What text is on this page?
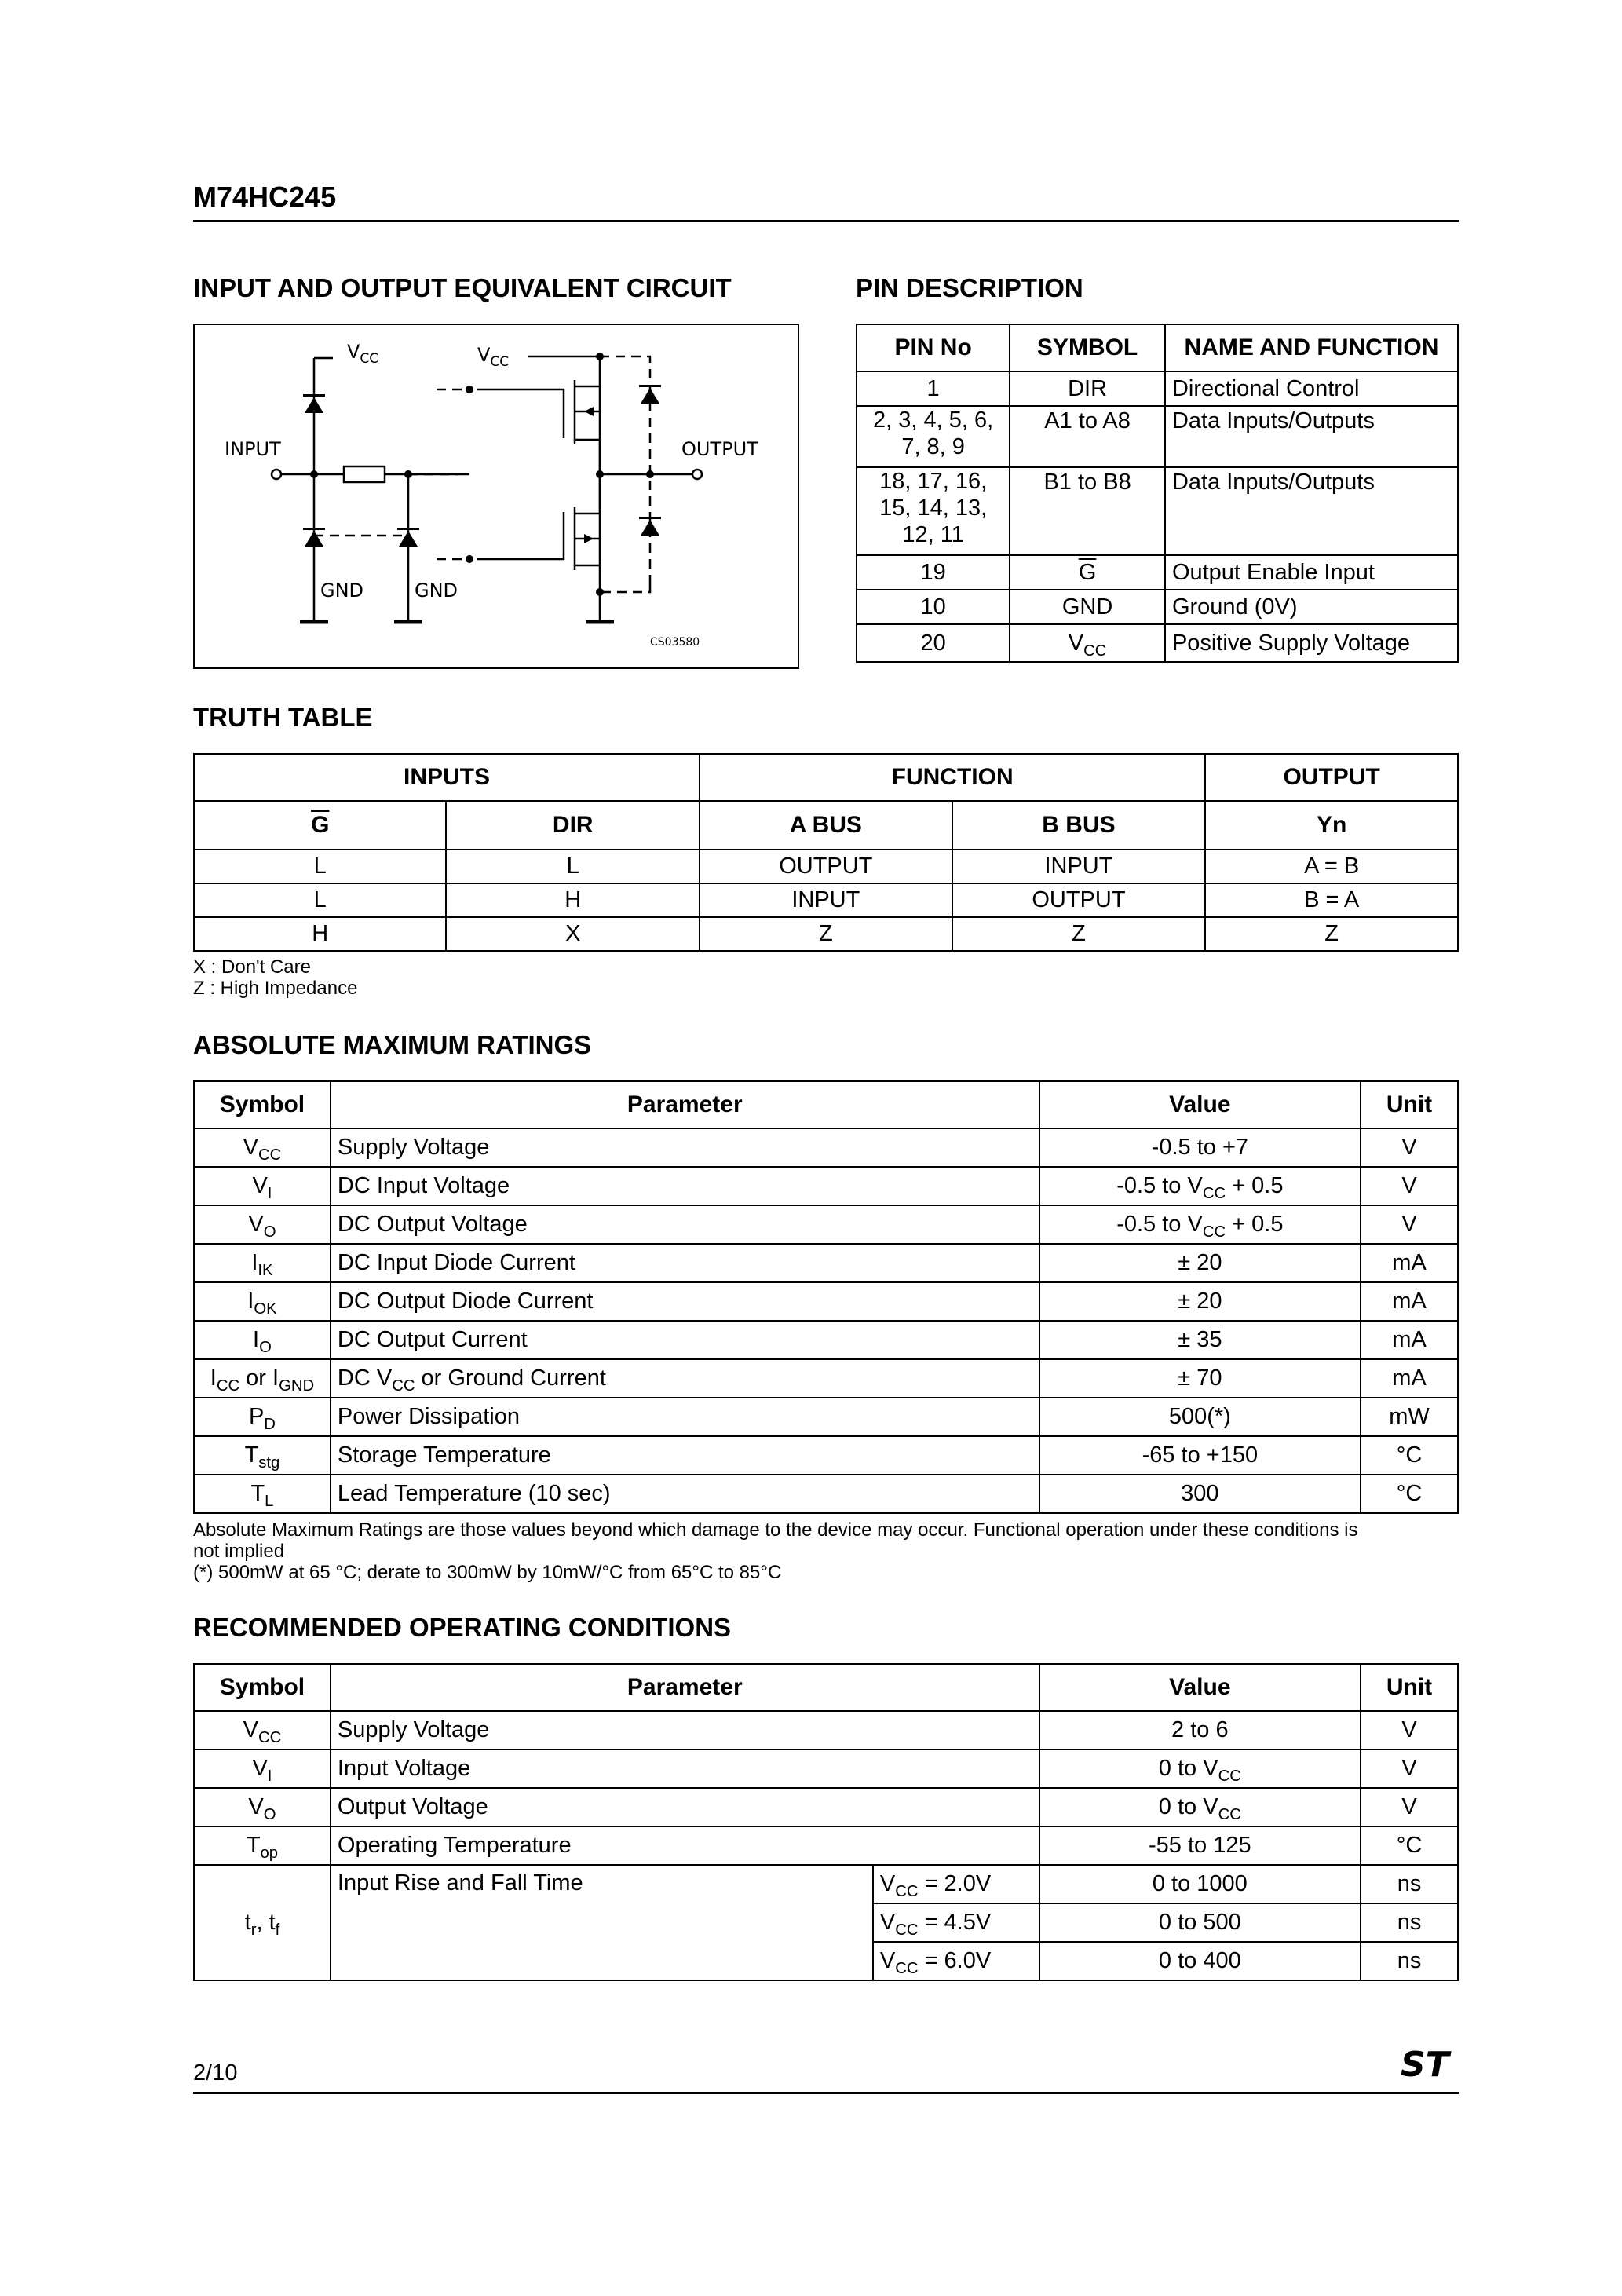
M74HC245
INPUT AND OUTPUT EQUIVALENT CIRCUIT	PIN DESCRIPTION
$V_{CC}$	$V_{CC}$
INPUT	OUTPUT
GND	GND
CS03580
PIN No	SYMBOL	NAME AND FUNCTION
1	DIR	Directional Control

2, 3, 4, 5, 6,
7, 8, 9	A1 to A8	Data Inputs/Outputs

18, 17, 16,
15, 14, 13,
12, 11	B1 to B8	Data Inputs/Outputs
19	$\overline{G}$	Output Enable Input
10	GND	Ground (0V)
20	$V_{CC}$	Positive Supply Voltage
TRUTH TABLE
INPUTS		FUNCTION		OUTPUT
$\overline{G}$	DIR	A BUS	B BUS	Yn
L	L	OUTPUT	INPUT	A = B
L	H	INPUT	OUTPUT	B = A
H	X	Z	Z	Z
X : Don't Care
Z : High Impedance
ABSOLUTE MAXIMUM RATINGS
Symbol	Parameter	Value	Unit
$V_{CC}$	Supply Voltage	-0.5 to +7	V
$V_I$	DC Input Voltage	-0.5 to $V_{CC} + 0.5$	V
$V_O$	DC Output Voltage	-0.5 to $V_{CC} + 0.5$	V
$I_{IK}$	DC Input Diode Current	± 20	mA
$I_{OK}$	DC Output Diode Current	± 20	mA
$I_O$	DC Output Current	± 35	mA
$I_{CC}$ or $I_{GND}$	DC $V_{CC}$ or Ground Current	± 70	mA
$P_D$	Power Dissipation	500(*)	mW
$T_{stg}$	Storage Temperature	-65 to +150	°C
$T_L$	Lead Temperature (10 sec)	300	°C
Absolute Maximum Ratings are those values beyond which damage to the device may occur. Functional operation under these conditions is
not implied
(*) 500mW at 65 °C; derate to 300mW by 10mW/°C from 65°C to 85°C
RECOMMENDED OPERATING CONDITIONS
Symbol	Parameter		Value	Unit
$V_{CC}$	Supply Voltage		2 to 6	V
$V_I$	Input Voltage		0 to $V_{CC}$	V
$V_O$	Output Voltage		0 to $V_{CC}$	V
$T_{op}$	Operating Temperature		-55 to 125	°C
$t_r$, $t_f$	Input Rise and Fall Time	$V_{CC} = 2.0V$	0 to 1000	ns
		$V_{CC} = 4.5V$	0 to 500	ns
		$V_{CC} = 6.0V$	0 to 400	ns
2/10	ST
